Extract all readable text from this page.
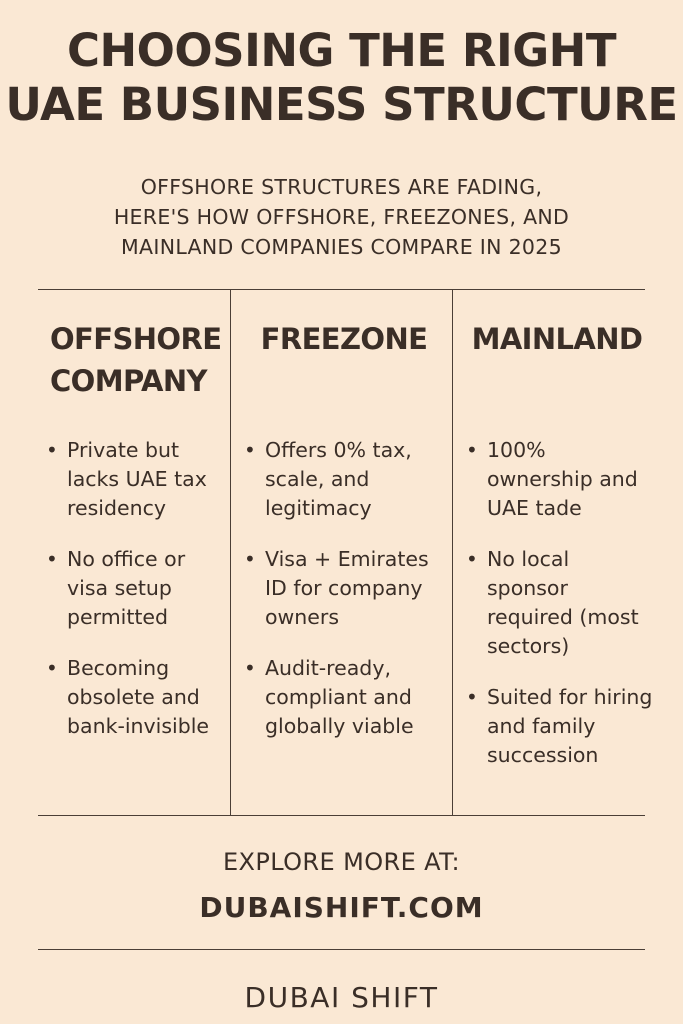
CHOOSING THE RIGHT
UAE BUSINESS STRUCTURE
OFFSHORE STRUCTURES ARE FADING,
HERE'S HOW OFFSHORE, FREEZONES, AND
MAINLAND COMPANIES COMPARE IN 2025
OFFSHORE
COMPANY
• Private but lacks UAE tax residency
• No office or visa setup permitted
• Becoming obsolete and bank-invisible
FREEZONE
• Offers 0% tax, scale, and legitimacy
• Visa + Emirates ID for company owners
• Audit-ready, compliant and globally viable
MAINLAND
• 100% ownership and UAE tade
• No local sponsor required (most sectors)
• Suited for hiring and family succession
EXPLORE MORE AT:
DUBAISHIFT.COM
DUBAI SHIFT
